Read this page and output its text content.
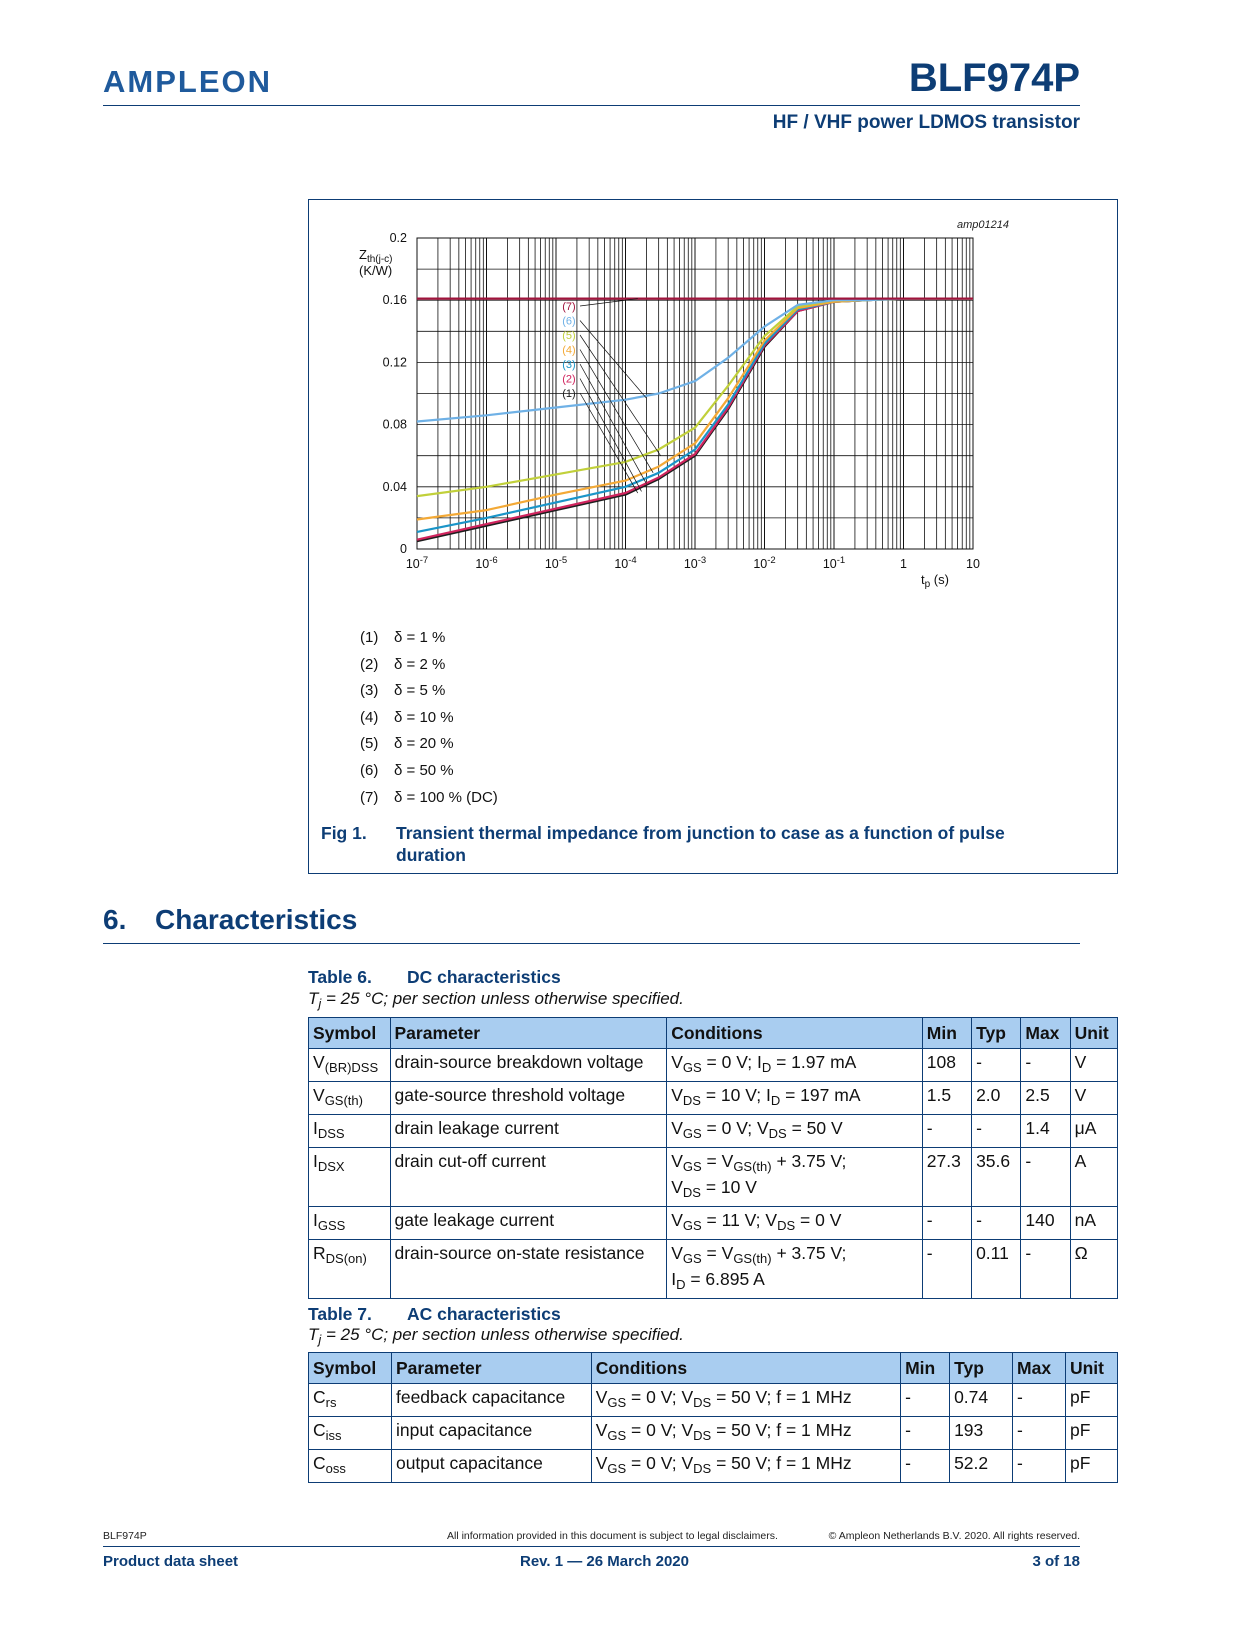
AMPLEON	BLF974P
HF / VHF power LDMOS transistor
0
0.04
0.08
0.12
0.16
0.2
$10^{-7}$	$10^{-6}$	$10^{-5}$	$10^{-4}$	$10^{-3}$	$10^{-2}$	$10^{-1}$	1	10
$Z_{th(j-c)}$
(K/W)
$t_p$ (s)
(7)
(6)
(5)
(4)
(3)
(2)
(1)
amp01214
(1)	δ = 1 %
(2)	δ = 2 %
(3)	δ = 5 %
(4)	δ = 10 %
(5)	δ = 20 %
(6)	δ = 50 %
(7)	δ = 100 % (DC)
Fig 1.	Transient thermal impedance from junction to case as a function of pulse
duration
6. Characteristics
Table 6.	DC characteristics
$T_j = 25$ °C; per section unless otherwise specified.
Symbol	Parameter	Conditions	Min	Typ	Max	Unit
$V_{(BR)DSS}$	drain-source breakdown voltage	$V_{GS} = 0$ V; $I_D = 1.97$ mA	108	-	-	V
$V_{GS(th)}$	gate-source threshold voltage	$V_{DS} = 10$ V; $I_D = 197$ mA	1.5	2.0	2.5	V
$I_{DSS}$	drain leakage current	$V_{GS} = 0$ V; $V_{DS} = 50$ V	-	-	1.4	μA
$I_{DSX}$	drain cut-off current	$V_{GS} = V_{GS(th)} + 3.75$ V;
$V_{DS} = 10$ V	27.3	35.6	-	A
$I_{GSS}$	gate leakage current	$V_{GS} = 11$ V; $V_{DS} = 0$ V	-	-	140	nA
$R_{DS(on)}$	drain-source on-state resistance	$V_{GS} = V_{GS(th)} + 3.75$ V;
$I_D = 6.895$ A	-	0.11	-	Ω
Table 7.	AC characteristics
$T_j = 25$ °C; per section unless otherwise specified.
Symbol	Parameter	Conditions	Min	Typ	Max	Unit
$C_{rs}$	feedback capacitance	$V_{GS} = 0$ V; $V_{DS} = 50$ V; f = 1 MHz	-	0.74	-	pF
$C_{iss}$	input capacitance	$V_{GS} = 0$ V; $V_{DS} = 50$ V; f = 1 MHz	-	193	-	pF
$C_{oss}$	output capacitance	$V_{GS} = 0$ V; $V_{DS} = 50$ V; f = 1 MHz	-	52.2	-	pF
BLF974P	All information provided in this document is subject to legal disclaimers.	© Ampleon Netherlands B.V. 2020. All rights reserved.
Product data sheet	Rev. 1 — 26 March 2020	3 of 18
